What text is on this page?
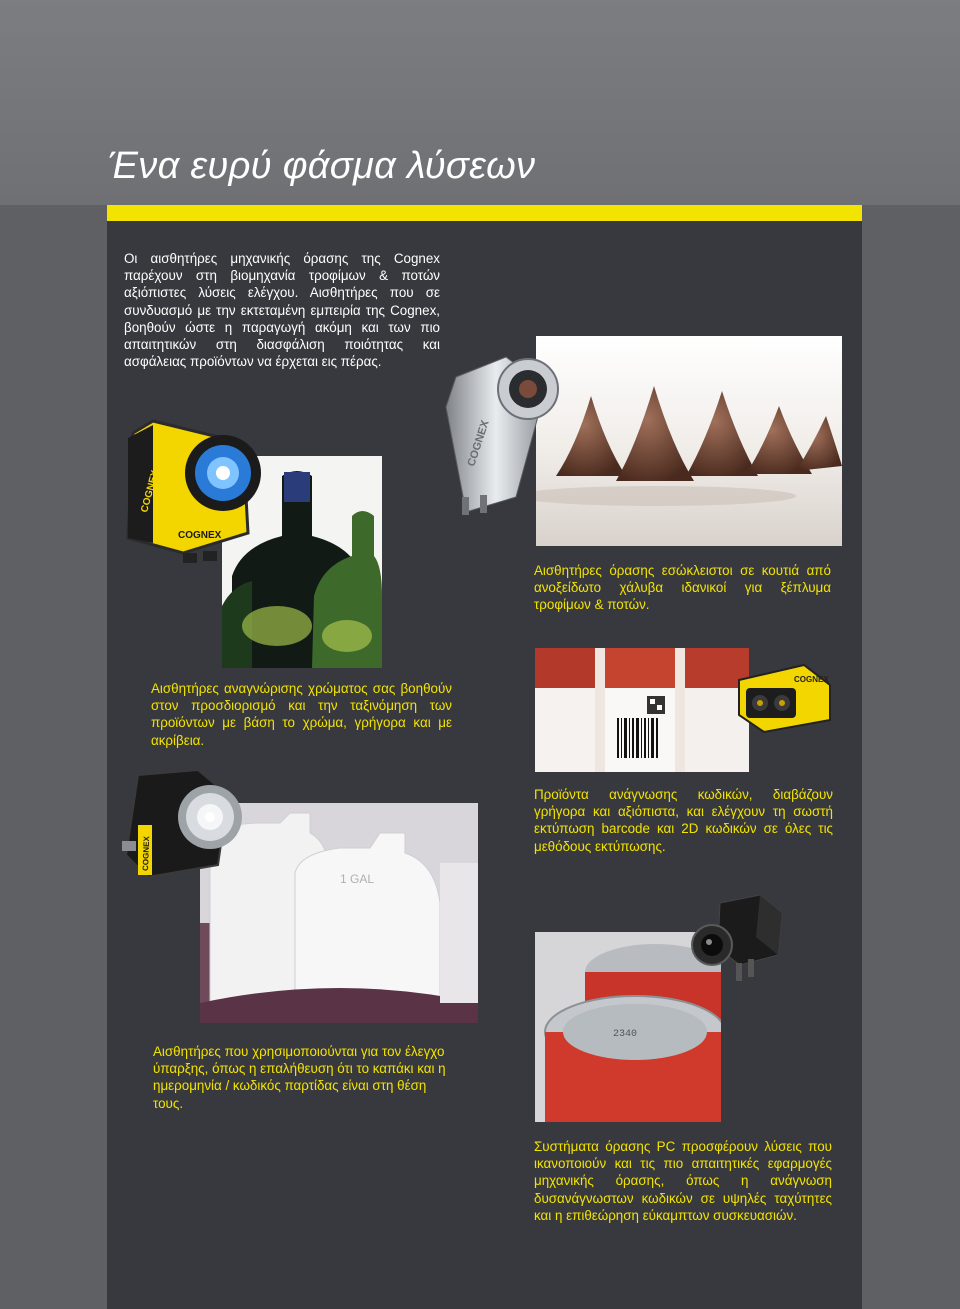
Ένα ευρύ φάσμα λύσεων

Οι αισθητήρες μηχανικής όρασης της Cognex παρέχουν στη βιομηχανία τροφίμων & ποτών αξιόπιστες λύσεις ελέγχου. Αισθητήρες που σε συνδυασμό με την εκτεταμένη εμπειρία της Cognex, βοηθούν ώστε η παραγωγή ακόμη και των πιο απαιτητικών στη διασφάλιση ποιότητας και ασφάλειας προϊόντων να έρχεται εις πέρας.

COGNEX
COGNEX
COGNEX

Αισθητήρες όρασης εσώκλειστοι σε κουτιά από ανοξείδωτο χάλυβα ιδανικοί για ξέπλυμα τροφίμων & ποτών.

Αισθητήρες αναγνώρισης χρώματος σας βοηθούν στον προσδιορισμό και την ταξινόμηση των προϊόντων με βάση το χρώμα, γρήγορα και με ακρίβεια.

COGNEX

Προϊόντα ανάγνωσης κωδικών, διαβάζουν γρήγορα και αξιόπιστα, και ελέγχουν τη σωστή εκτύπωση barcode και 2D κωδικών σε όλες τις μεθόδους εκτύπωσης.

1 GAL
COGNEX
2340

Αισθητήρες που χρησιμοποιούνται για τον έλεγχο ύπαρξης, όπως η επαλήθευση ότι το καπάκι και η ημερομηνία / κωδικός παρτίδας είναι στη θέση τους.

Συστήματα όρασης PC προσφέρουν λύσεις που ικανοποιούν και τις πιο απαιτητικές εφαρμογές μηχανικής όρασης, όπως η ανάγνωση δυσανάγνωστων κωδικών σε υψηλές ταχύτητες και η επιθεώρηση εύκαμπτων συσκευασιών.
